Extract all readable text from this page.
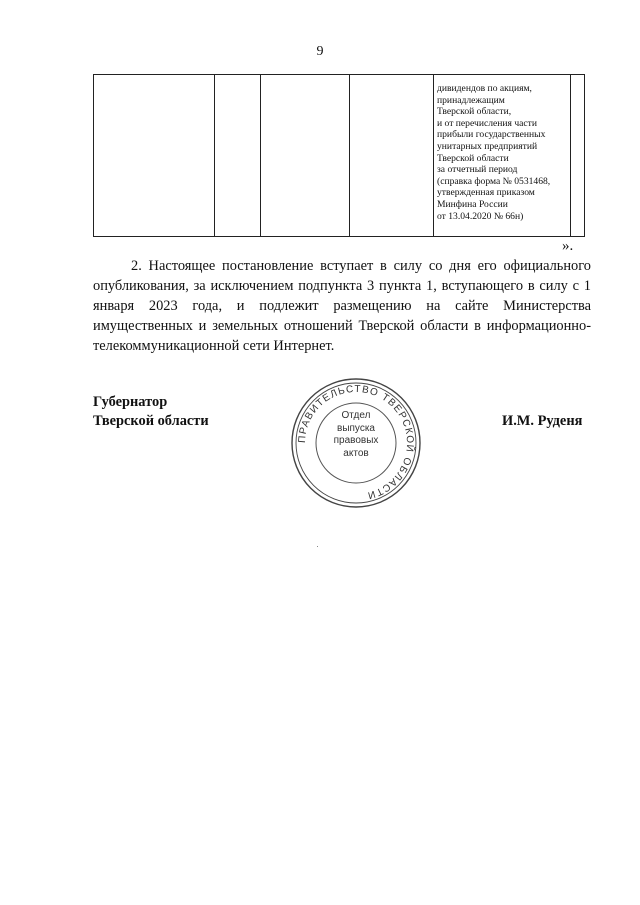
9

дивидендов по акциям,
принадлежащим
Тверской области,
и от перечисления части
прибыли государственных
унитарных предприятий
Тверской области
за отчетный период
(справка форма № 0531468,
утвержденная приказом
Минфина России
от 13.04.2020 № 66н)

».

2. Настоящее постановление вступает в силу со дня его официального опубликования, за исключением подпункта 3 пункта 1, вступающего в силу с 1 января 2023 года, и подлежит размещению на сайте Министерства имущественных и земельных отношений Тверской области в информационно-телекоммуникационной сети Интернет.

Губернатор
Тверской области
ПРАВИТЕЛЬСТВО ТВЕРСКОЙ ОБЛАСТИ
Отдел
выпуска
правовых
актов
И.М. Руденя
